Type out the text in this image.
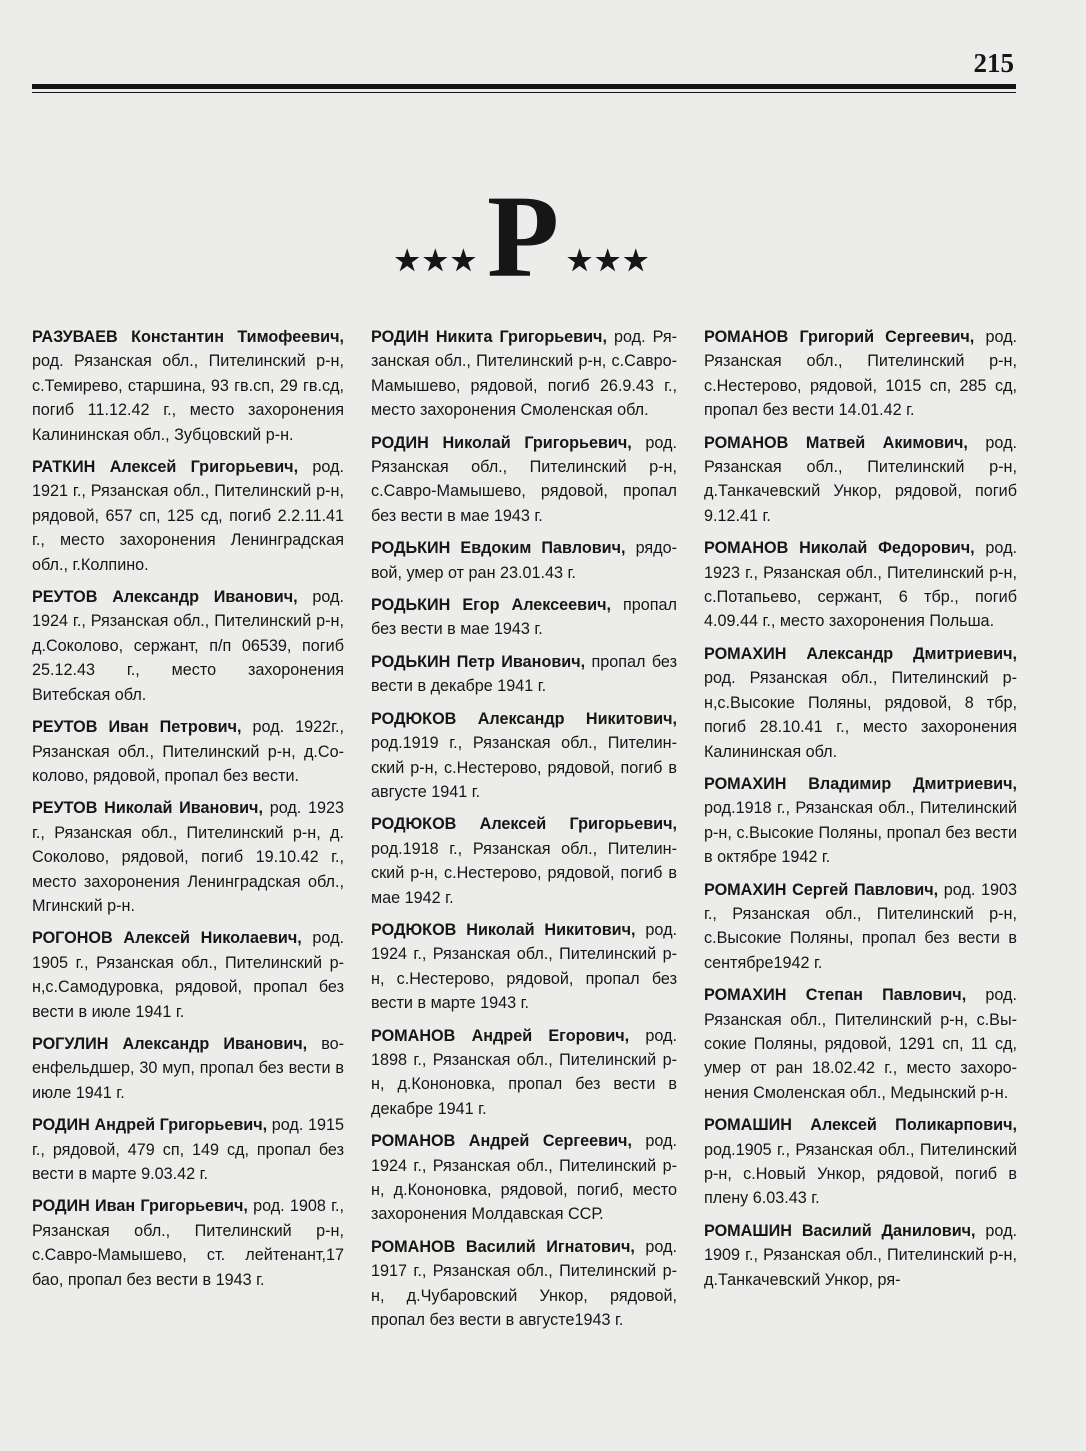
215
★★★Р ★★★

РАЗУВАЕВ Константин Тимофеевич, род. Рязанская обл., Пителинский р-н, с.Темирево, старшина, 93 гв.сп, 29 гв.сд, погиб 11.12.42 г., место захоронения Калининская обл., Зубцовский р-н.

РАТКИН Алексей Григорьевич, род. 1921 г., Рязанская обл., Пителинский р-н, рядовой, 657 сп, 125 сд, погиб 2.2.11.41 г., место захоронения Ленинградская обл., г.Колпино.

РЕУТОВ Александр Иванович, род. 1924 г., Рязанская обл., Пителинский р-н, д.Соколово, сержант, п/п 06539, погиб 25.12.43 г., место захоронения Витебская обл.

РЕУТОВ Иван Петрович, род. 1922г., Рязанская обл., Пителинский р-н, д.Соколово, рядовой, пропал без вести.

РЕУТОВ Николай Иванович, род. 1923 г., Рязанская обл., Пителинский р-н, д. Соколово, рядовой, погиб 19.10.42 г., место захоронения Ленинградская обл., Мгинский р-н.

РОГОНОВ Алексей Николаевич, род. 1905 г., Рязанская обл., Пителинский р-н,с.Самодуровка, рядовой, пропал без вести в июле 1941 г.

РОГУЛИН Александр Иванович, военфельдшер, 30 муп, пропал без вести в июле 1941 г.

РОДИН Андрей Григорьевич, род. 1915 г., рядовой, 479 сп, 149 сд, пропал без вести в марте 9.03.42 г.

РОДИН Иван Григорьевич, род. 1908 г., Рязанская обл., Пителинский р-н, с.Савро-Мамышево, ст. лейтенант,17 бао, пропал без вести в 1943 г.

РОДИН Никита Григорьевич, род. Рязанская обл., Пителинский р-н, с.Савро-Мамышево, рядовой, погиб 26.9.43 г., место захоронения Смоленская обл.

РОДИН Николай Григорьевич, род. Рязанская обл., Пителинский р-н, с.Савро-Мамышево, рядовой, пропал без вести в мае 1943 г.

РОДЬКИН Евдоким Павлович, рядовой, умер от ран 23.01.43 г.

РОДЬКИН Егор Алексеевич, пропал без вести в мае 1943 г.

РОДЬКИН Петр Иванович, пропал без вести в декабре 1941 г.

РОДЮКОВ Александр Никитович, род.1919 г., Рязанская обл., Пителинский р-н, с.Нестерово, рядовой, погиб в августе 1941 г.

РОДЮКОВ Алексей Григорьевич, род.1918 г., Рязанская обл., Пителинский р-н, с.Нестерово, рядовой, погиб в мае 1942 г.

РОДЮКОВ Николай Никитович, род. 1924 г., Рязанская обл., Пителинский р-н, с.Нестерово, рядовой, пропал без вести в марте 1943 г.

РОМАНОВ Андрей Егорович, род. 1898 г., Рязанская обл., Пителинский р-н, д.Кононовка, пропал без вести в декабре 1941 г.

РОМАНОВ Андрей Сергеевич, род. 1924 г., Рязанская обл., Пителинский р-н, д.Кононовка, рядовой, погиб, место захоронения Молдавская ССР.

РОМАНОВ Василий Игнатович, род. 1917 г., Рязанская обл., Пителинский р-н, д.Чубаровский Ункор, рядовой, пропал без вести в августе1943 г.

РОМАНОВ Григорий Сергеевич, род. Рязанская обл., Пителинский р-н, с.Нестерово, рядовой, 1015 сп, 285 сд, пропал без вести 14.01.42 г.

РОМАНОВ Матвей Акимович, род. Рязанская обл., Пителинский р-н, д.Танкачевский Ункор, рядовой, погиб 9.12.41 г.

РОМАНОВ Николай Федорович, род. 1923 г., Рязанская обл., Пителинский р-н, с.Потапьево, сержант, 6 тбр., погиб 4.09.44 г., место захоронения Польша.

РОМАХИН Александр Дмитриевич, род. Рязанская обл., Пителинский р-н,с.Высокие Поляны, рядовой, 8 тбр, погиб 28.10.41 г., место захоронения Калининская обл.

РОМАХИН Владимир Дмитриевич, род.1918 г., Рязанская обл., Пителинский р-н, с.Высокие Поляны, пропал без вести в октябре 1942 г.

РОМАХИН Сергей Павлович, род. 1903 г., Рязанская обл., Пителинский р-н, с.Высокие Поляны, пропал без вести в сентябре1942 г.

РОМАХИН Степан Павлович, род. Рязанская обл., Пителинский р-н, с.Высокие Поляны, рядовой, 1291 сп, 11 сд, умер от ран 18.02.42 г., место захоронения Смоленская обл., Медынский р-н.

РОМАШИН Алексей Поликарпович, род.1905 г., Рязанская обл., Пителинский р-н, с.Новый Ункор, рядовой, погиб в плену 6.03.43 г.

РОМАШИН Василий Данилович, род. 1909 г., Рязанская обл., Пителинский р-н, д.Танкачевский Ункор, ря-
